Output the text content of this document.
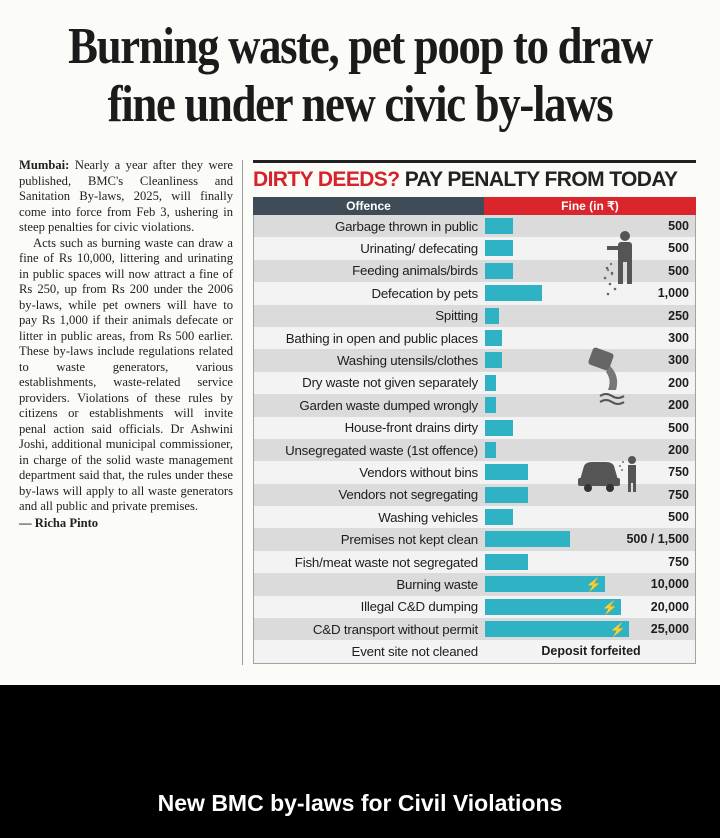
Burning waste, pet poop to draw fine under new civic by-laws

Mumbai: Nearly a year after they were published, BMC's Cleanliness and Sanitation By-laws, 2025, will finally come into force from Feb 3, ushering in steep penalties for civic violations.

Acts such as burning waste can draw a fine of Rs 10,000, littering and urinating in public spaces will now attract a fine of Rs 250, up from Rs 200 under the 2006 by-laws, while pet owners will have to pay Rs 1,000 if their animals defecate or litter in public areas, from Rs 500 earlier. These by-laws include regulations related to waste generators, various establishments, waste-related service providers. Violations of these rules by citizens or establishments will invite penal action said officials. Dr Ashwini Joshi, additional municipal commissioner, in charge of the solid waste management department said that, the rules under these by-laws will apply to all waste generators and all public and private premises.

— Richa Pinto

DIRTY DEEDS? PAY PENALTY FROM TODAY
Offence	Fine (in ₹)
Garbage thrown in public	500
Urinating/ defecating	500
Feeding animals/birds	500
Defecation by pets	1,000
Spitting	250
Bathing in open and public places	300
Washing utensils/clothes	300
Dry waste not given separately	200
Garden waste dumped wrongly	200
House-front drains dirty	500
Unsegregated waste (1st offence)	200
Vendors without bins	750
Vendors not segregating	750
Washing vehicles	500
Premises not kept clean	500 / 1,500
Fish/meat waste not segregated	750
Burning waste	⚡	10,000
Illegal C&D dumping	⚡	20,000
C&D transport without permit	⚡ 25,000
Event site not cleaned	Deposit forfeited
New BMC by-laws for Civil Violations
